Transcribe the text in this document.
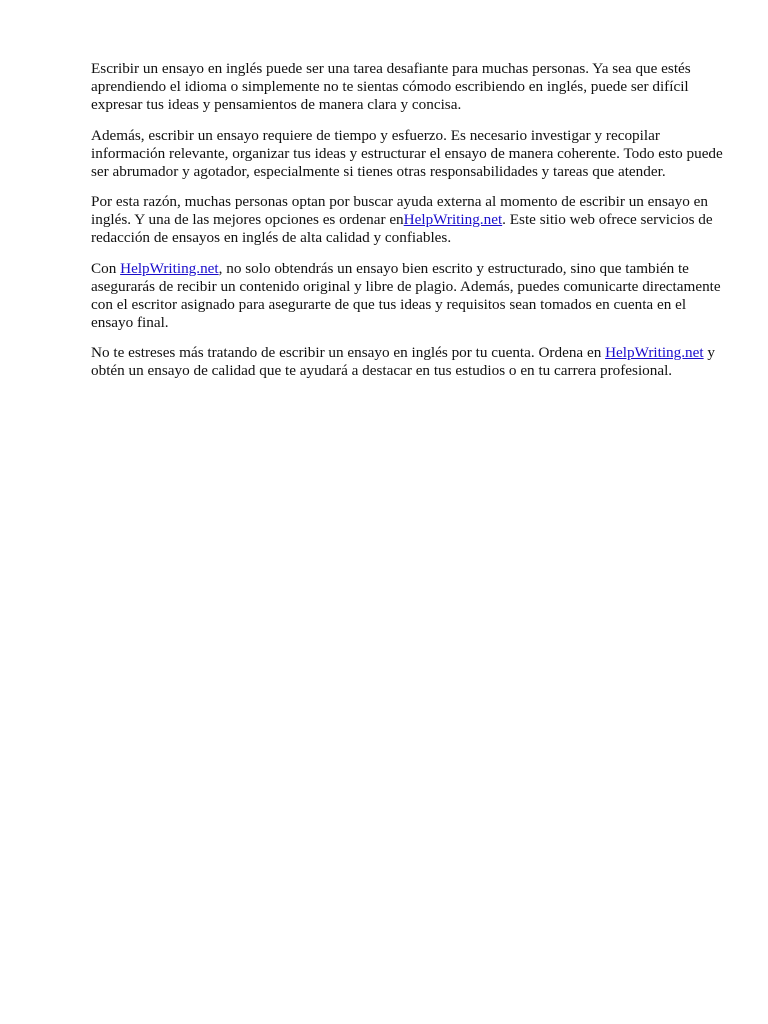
Escribir un ensayo en inglés puede ser una tarea desafiante para muchas personas. Ya sea que estés aprendiendo el idioma o simplemente no te sientas cómodo escribiendo en inglés, puede ser difícil expresar tus ideas y pensamientos de manera clara y concisa.

Además, escribir un ensayo requiere de tiempo y esfuerzo. Es necesario investigar y recopilar información relevante, organizar tus ideas y estructurar el ensayo de manera coherente. Todo esto puede ser abrumador y agotador, especialmente si tienes otras responsabilidades y tareas que atender.

Por esta razón, muchas personas optan por buscar ayuda externa al momento de escribir un ensayo en inglés. Y una de las mejores opciones es ordenar enHelpWriting.net. Este sitio web ofrece servicios de redacción de ensayos en inglés de alta calidad y confiables.

Con HelpWriting.net, no solo obtendrás un ensayo bien escrito y estructurado, sino que también te asegurarás de recibir un contenido original y libre de plagio. Además, puedes comunicarte directamente con el escritor asignado para asegurarte de que tus ideas y requisitos sean tomados en cuenta en el ensayo final.

No te estreses más tratando de escribir un ensayo en inglés por tu cuenta. Ordena en HelpWriting.net y obtén un ensayo de calidad que te ayudará a destacar en tus estudios o en tu carrera profesional.
